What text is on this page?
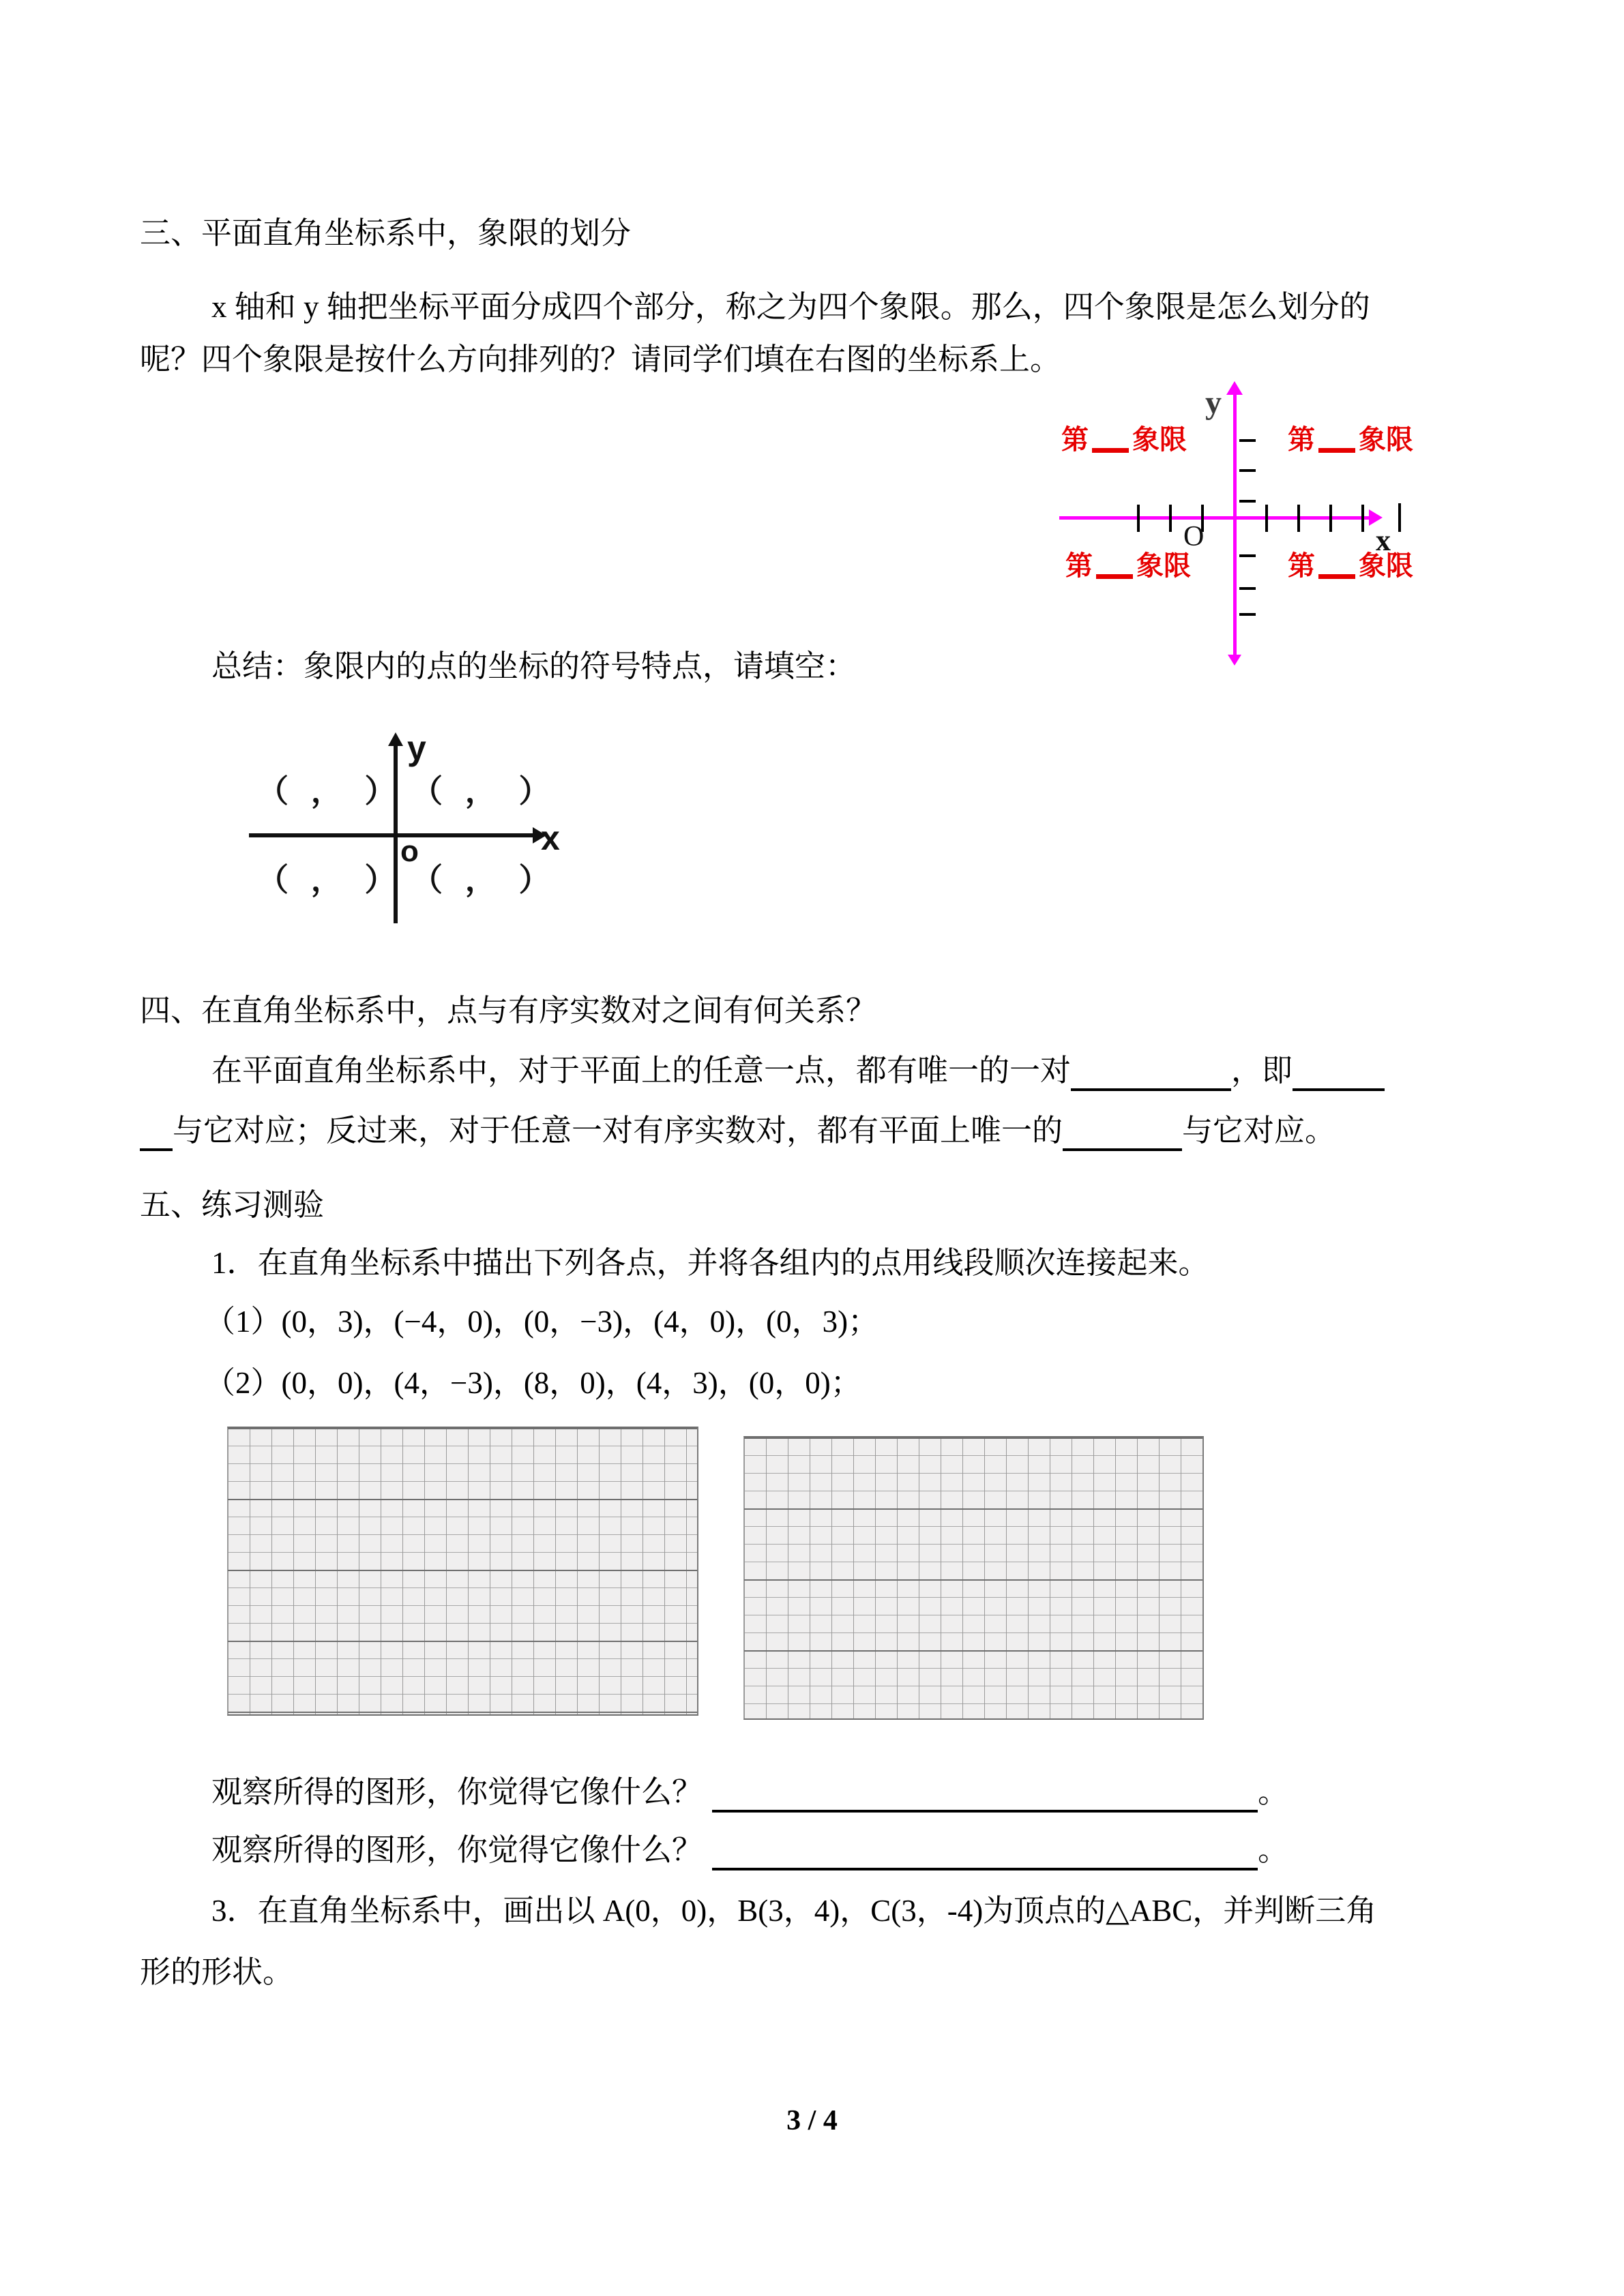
三、平面直角坐标系中，象限的划分
x 轴和 y 轴把坐标平面分成四个部分，称之为四个象限。那么，四个象限是怎么划分的
呢？四个象限是按什么方向排列的？请同学们填在右图的坐标系上。
y
x
O
第 象限	第 象限
第 象限	第 象限
总结：象限内的点的坐标的符号特点，请填空：
y
x
o
（ ， ） （ ， ）
（ ， ） （ ， ）
四、在直角坐标系中，点与有序实数对之间有何关系？
在平面直角坐标系中，对于平面上的任意一点，都有唯一的一对	，即
与它对应；反过来，对于任意一对有序实数对，都有平面上唯一的	与它对应。
五、练习测验
1．在直角坐标系中描出下列各点，并将各组内的点用线段顺次连接起来。
（1）(0，3)，(−4，0)，(0，−3)，(4，0)，(0，3)；
（2）(0，0)，(4，−3)，(8，0)，(4，3)，(0，0)；
观察所得的图形，你觉得它像什么？	。
观察所得的图形，你觉得它像什么？	。
3．在直角坐标系中，画出以 A(0，0)，B(3，4)，C(3，-4)为顶点的△ABC，并判断三角
形的形状。
3 / 4
